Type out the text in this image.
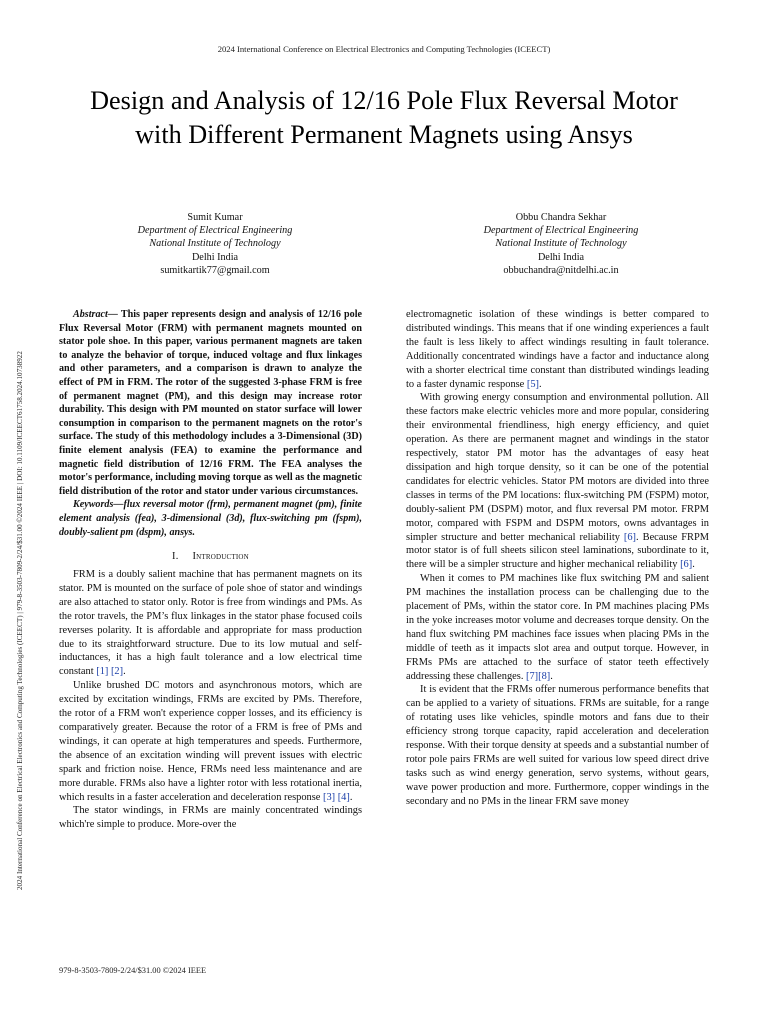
2024 International Conference on Electrical Electronics and Computing Technologies (ICEECT)
2024 International Conference on Electrical Electronics and Computing Technologies (ICEECT) | 979-8-3503-7809-2/24/$31.00 ©2024 IEEE | DOI: 10.1109/ICEECT61758.2024.10738922
Design and Analysis of 12/16 Pole Flux Reversal Motor with Different Permanent Magnets using Ansys
Sumit Kumar
Department of Electrical Engineering
National Institute of Technology
Delhi India
sumitkartik77@gmail.com
Obbu Chandra Sekhar
Department of Electrical Engineering
National Institute of Technology
Delhi India
obbuchandra@nitdelhi.ac.in

Abstract— This paper represents design and analysis of 12/16 pole Flux Reversal Motor (FRM) with permanent magnets mounted on stator pole shoe. In this paper, various permanent magnets are taken to analyze the behavior of torque, induced voltage and flux linkages and other parameters, and a comparison is drawn to analyze the effect of PM in FRM. The rotor of the suggested 3-phase FRM is free of permanent magnet (PM), and this design may increase rotor durability. This design with PM mounted on stator surface will lower consumption in comparison to the permanent magnets on the rotor's surface. The study of this methodology includes a 3-Dimensional (3D) finite element analysis (FEA) to examine the performance and magnetic field distribution of 12/16 FRM. The FEA analyses the motor's performance, including moving torque as well as the magnetic field distribution of the rotor and stator under various circumstances.

Keywords—flux reversal motor (frm), permanent magnet (pm), finite element analysis (fea), 3-dimensional (3d), flux-switching pm (fspm), doubly-salient pm (dspm), ansys.

I. Introduction

FRM is a doubly salient machine that has permanent magnets on its stator. PM is mounted on the surface of pole shoe of stator and windings are also attached to stator only. Rotor is free from windings and PMs. As the rotor travels, the PM’s flux linkages in the stator phase focused coils reverses polarity. It is affordable and appropriate for mass production due to its straightforward structure. Due to its low mutual and self-inductances, it has a high fault tolerance and a low electrical time constant [1] [2].

Unlike brushed DC motors and asynchronous motors, which are excited by excitation windings, FRMs are excited by PMs. Therefore, the rotor of a FRM won't experience copper losses, and its efficiency is comparatively greater. Because the rotor of a FRM is free of PMs and windings, it can operate at high temperatures and speeds. Furthermore, the absence of an excitation winding will prevent issues with electric spark and friction noise. Hence, FRMs need less maintenance and are more durable. FRMs also have a lighter rotor with less rotational inertia, which results in a faster acceleration and deceleration response [3] [4].

The stator windings, in FRMs are mainly concentrated windings which're simple to produce. More-over the

electromagnetic isolation of these windings is better compared to distributed windings. This means that if one winding experiences a fault the fault is less likely to affect windings resulting in fault tolerance. Additionally concentrated windings have a factor and inductance along with a shorter electrical time constant than distributed windings leading to a faster dynamic response [5].

With growing energy consumption and environmental pollution. All these factors make electric vehicles more and more popular, considering their environmental friendliness, high energy efficiency, and quiet operation. As there are permanent magnet and windings in the stator respectively, stator PM motor has the advantages of easy heat dissipation and high torque density, so it can be one of the potential candidates for electric vehicles. Stator PM motors are divided into three classes in terms of the PM locations: flux-switching PM (FSPM) motor, doubly-salient PM (DSPM) motor, and flux reversal PM motor. FRPM motor, compared with FSPM and DSPM motors, owns advantages in simpler structure and better mechanical reliability [6]. Because FRPM motor stator is of full sheets silicon steel laminations, subordinate to it, there will be a simpler structure and higher mechanical reliability [6].

When it comes to PM machines like flux switching PM and salient PM machines the installation process can be challenging due to the placement of PMs, within the stator core. In PM machines placing PMs in the yoke increases motor volume and decreases torque density. On the hand flux switching PM machines face issues when placing PMs in the middle of teeth as it impacts slot area and output torque. However, in FRMs PMs are attached to the surface of stator teeth effectively addressing these challenges. [7][8].

It is evident that the FRMs offer numerous performance benefits that can be applied to a variety of situations. FRMs are suitable, for a range of rotating uses like vehicles, spindle motors and fans due to their efficiency strong torque capacity, rapid acceleration and deceleration response. With their torque density at speeds and a substantial number of rotor pole pairs FRMs are well suited for various low speed direct drive tasks such as wind energy generation, servo systems, without gears, wave power production and more. Furthermore, copper windings in the secondary and no PMs in the linear FRM save money

979-8-3503-7809-2/24/$31.00 ©2024 IEEE
